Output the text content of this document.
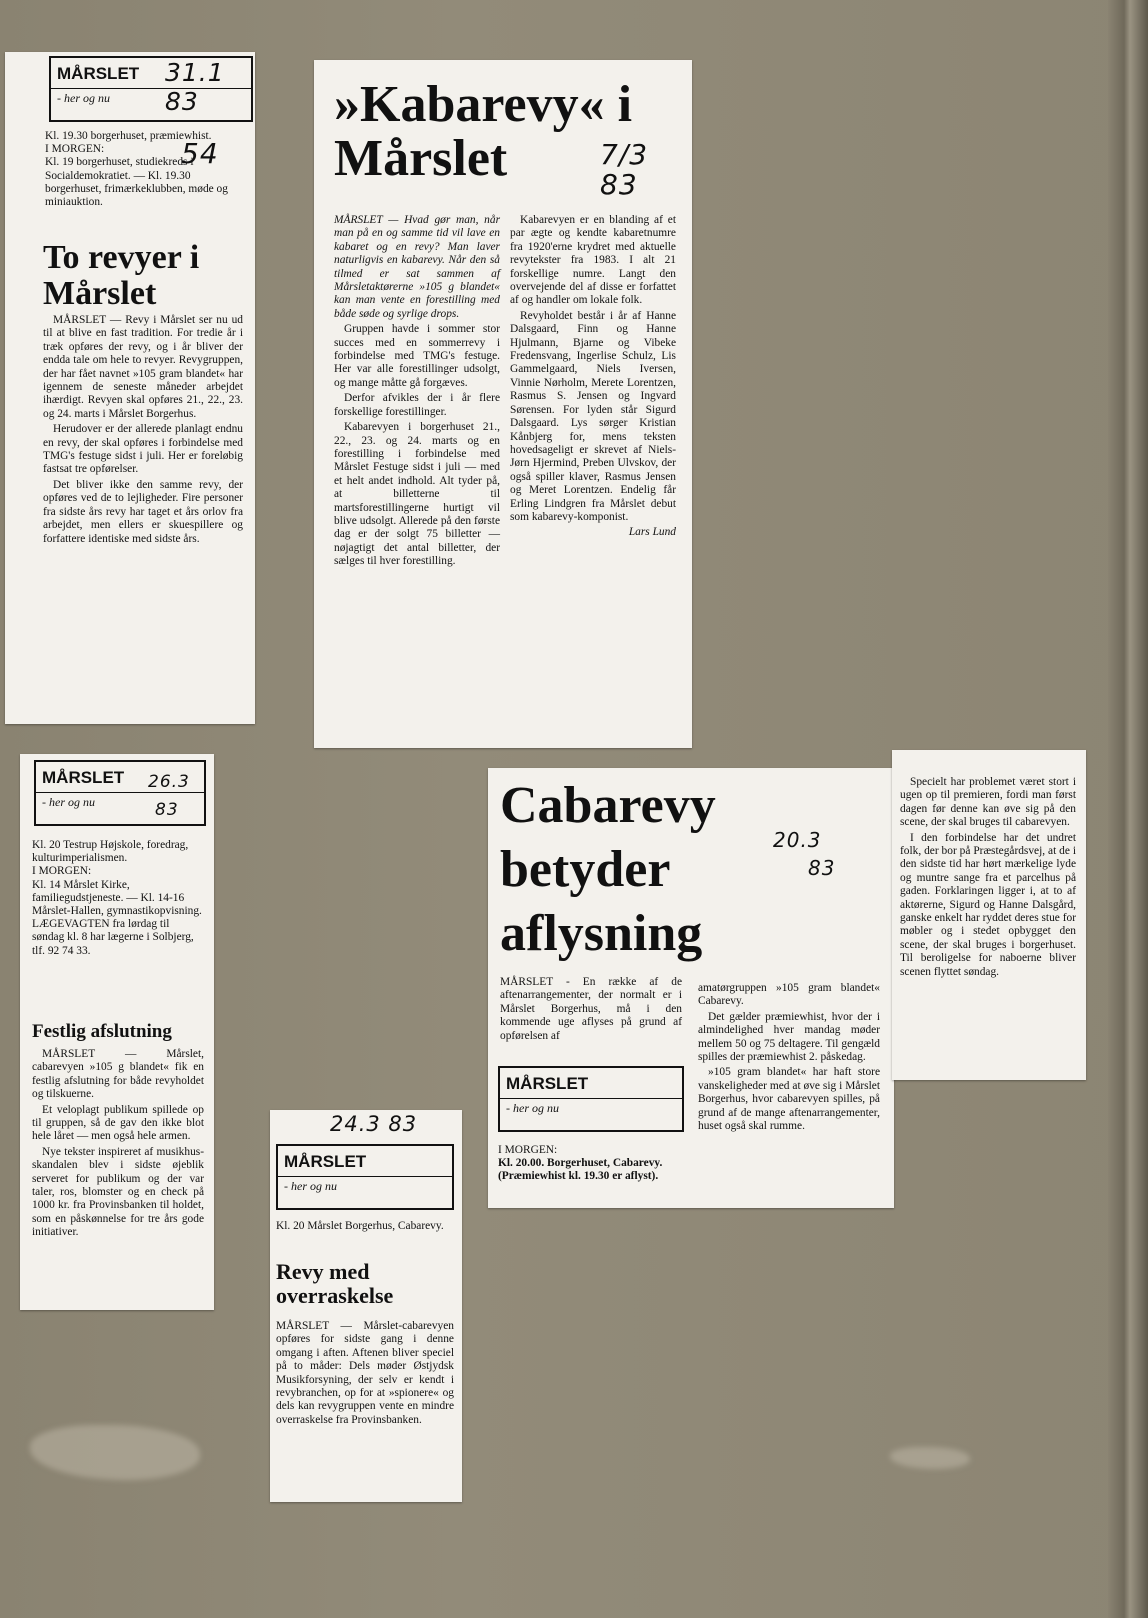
MÅRSLET
- her og nu
31.1 83
54

Kl. 19.30 borgerhuset, præmiewhist.

I MORGEN:

Kl. 19 borgerhuset, studiekreds i Socialdemokratiet. — Kl. 19.30 borgerhuset, frimærkeklubben, møde og miniauktion.

To revyer i Mårslet

MÅRSLET — Revy i Mårslet ser nu ud til at blive en fast tradition. For tredie år i træk opføres der revy, og i år bliver der endda tale om hele to revyer. Revygruppen, der har fået navnet »105 gram blandet« har igennem de seneste måneder arbejdet ihærdigt. Revyen skal opføres 21., 22., 23. og 24. marts i Mårslet Borgerhus.

Herudover er der allerede planlagt endnu en revy, der skal opføres i forbindelse med TMG's festuge sidst i juli. Her er foreløbig fastsat tre opførelser.

Det bliver ikke den samme revy, der opføres ved de to lejligheder. Fire personer fra sidste års revy har taget et års orlov fra arbejdet, men ellers er skuespillere og forfattere identiske med sidste års.

»Kabarevy« i Mårslet	7/3 83

MÅRSLET — Hvad gør man, når man på en og samme tid vil lave en kabaret og en revy? Man laver naturligvis en kabarevy. Når den så tilmed er sat sammen af Mårsletaktørerne »105 g blandet« kan man vente en forestilling med både søde og syrlige drops.

Gruppen havde i sommer stor succes med en sommerrevy i forbindelse med TMG's festuge. Her var alle forestillinger udsolgt, og mange måtte gå forgæves.

Derfor afvikles der i år flere forskellige forestillinger.

Kabarevyen i borgerhuset 21., 22., 23. og 24. marts og en forestilling i forbindelse med Mårslet Festuge sidst i juli — med et helt andet indhold. Alt tyder på, at billetterne til martsforestillingerne hurtigt vil blive udsolgt. Allerede på den første dag er der solgt 75 billetter — nøjagtigt det antal billetter, der sælges til hver forestilling.

Kabarevyen er en blanding af et par ægte og kendte kabaretnumre fra 1920'erne krydret med aktuelle revytekster fra 1983. I alt 21 forskellige numre. Langt den overvejende del af disse er forfattet af og handler om lokale folk.

Revyholdet består i år af Hanne Dalsgaard, Finn og Hanne Hjulmann, Bjarne og Vibeke Fredensvang, Ingerlise Schulz, Lis Gammelgaard, Niels Iversen, Vinnie Nørholm, Merete Lorentzen, Rasmus S. Jensen og Ingvard Sørensen. For lyden står Sigurd Dalsgaard. Lys sørger Kristian Kånbjerg for, mens teksten hovedsageligt er skrevet af Niels-Jørn Hjermind, Preben Ulvskov, der også spiller klaver, Rasmus Jensen og Meret Lorentzen. Endelig får Erling Lindgren fra Mårslet debut som kabarevy-komponist.

Lars Lund

MÅRSLET
- her og nu
26.3
83

Kl. 20 Testrup Højskole, foredrag, kulturimperialismen.

I MORGEN:

Kl. 14 Mårslet Kirke, familiegudstjeneste. — Kl. 14-16 Mårslet-Hallen, gymnastikopvisning.

LÆGEVAGTEN fra lørdag til søndag kl. 8 har lægerne i Solbjerg, tlf. 92 74 33.

Festlig afslutning

MÅRSLET — Mårslet, cabarevyen »105 g blandet« fik en festlig afslutning for både revyholdet og tilskuerne.

Et veloplagt publikum spillede op til gruppen, så de gav den ikke blot hele låret — men også hele armen.

Nye tekster inspireret af musikhus-skandalen blev i sidste øjeblik serveret for publikum og der var taler, ros, blomster og en check på 1000 kr. fra Provinsbanken til holdet, som en påskønnelse for tre års gode initiativer.

24.3 83
MÅRSLET
- her og nu
Kl. 20 Mårslet Borgerhus, Cabarevy.
Revy med overraskelse

MÅRSLET — Mårslet-cabarevyen opføres for sidste gang i denne omgang i aften. Aftenen bliver speciel på to måder: Dels møder Østjydsk Musikforsyning, der selv er kendt i revybranchen, op for at »spionere« og dels kan revygruppen vente en mindre overraskelse fra Provinsbanken.

Cabarevy betyder aflysning
20.3
83

MÅRSLET - En række af de aftenarrangementer, der normalt er i Mårslet Borgerhus, må i den kommende uge aflyses på grund af opførelsen af

MÅRSLET
- her og nu

I MORGEN:

Kl. 20.00. Borgerhuset, Cabarevy. (Præmiewhist kl. 19.30 er aflyst).

amatørgruppen »105 gram blandet« Cabarevy.

Det gælder præmiewhist, hvor der i almindelighed hver mandag møder mellem 50 og 75 deltagere. Til gengæld spilles der præmiewhist 2. påskedag.

»105 gram blandet« har haft store vanskeligheder med at øve sig i Mårslet Borgerhus, hvor cabarevyen spilles, på grund af de mange aftenarrangementer, huset også skal rumme.

Specielt har problemet været stort i ugen op til premieren, fordi man først dagen før denne kan øve sig på den scene, der skal bruges til cabarevyen.

I den forbindelse har det undret folk, der bor på Præstegårdsvej, at de i den sidste tid har hørt mærkelige lyde og muntre sange fra et parcelhus på gaden. Forklaringen ligger i, at to af aktørerne, Sigurd og Hanne Dalsgård, ganske enkelt har ryddet deres stue for møbler og i stedet opbygget den scene, der skal bruges i borgerhuset. Til beroligelse for naboerne bliver scenen flyttet søndag.
